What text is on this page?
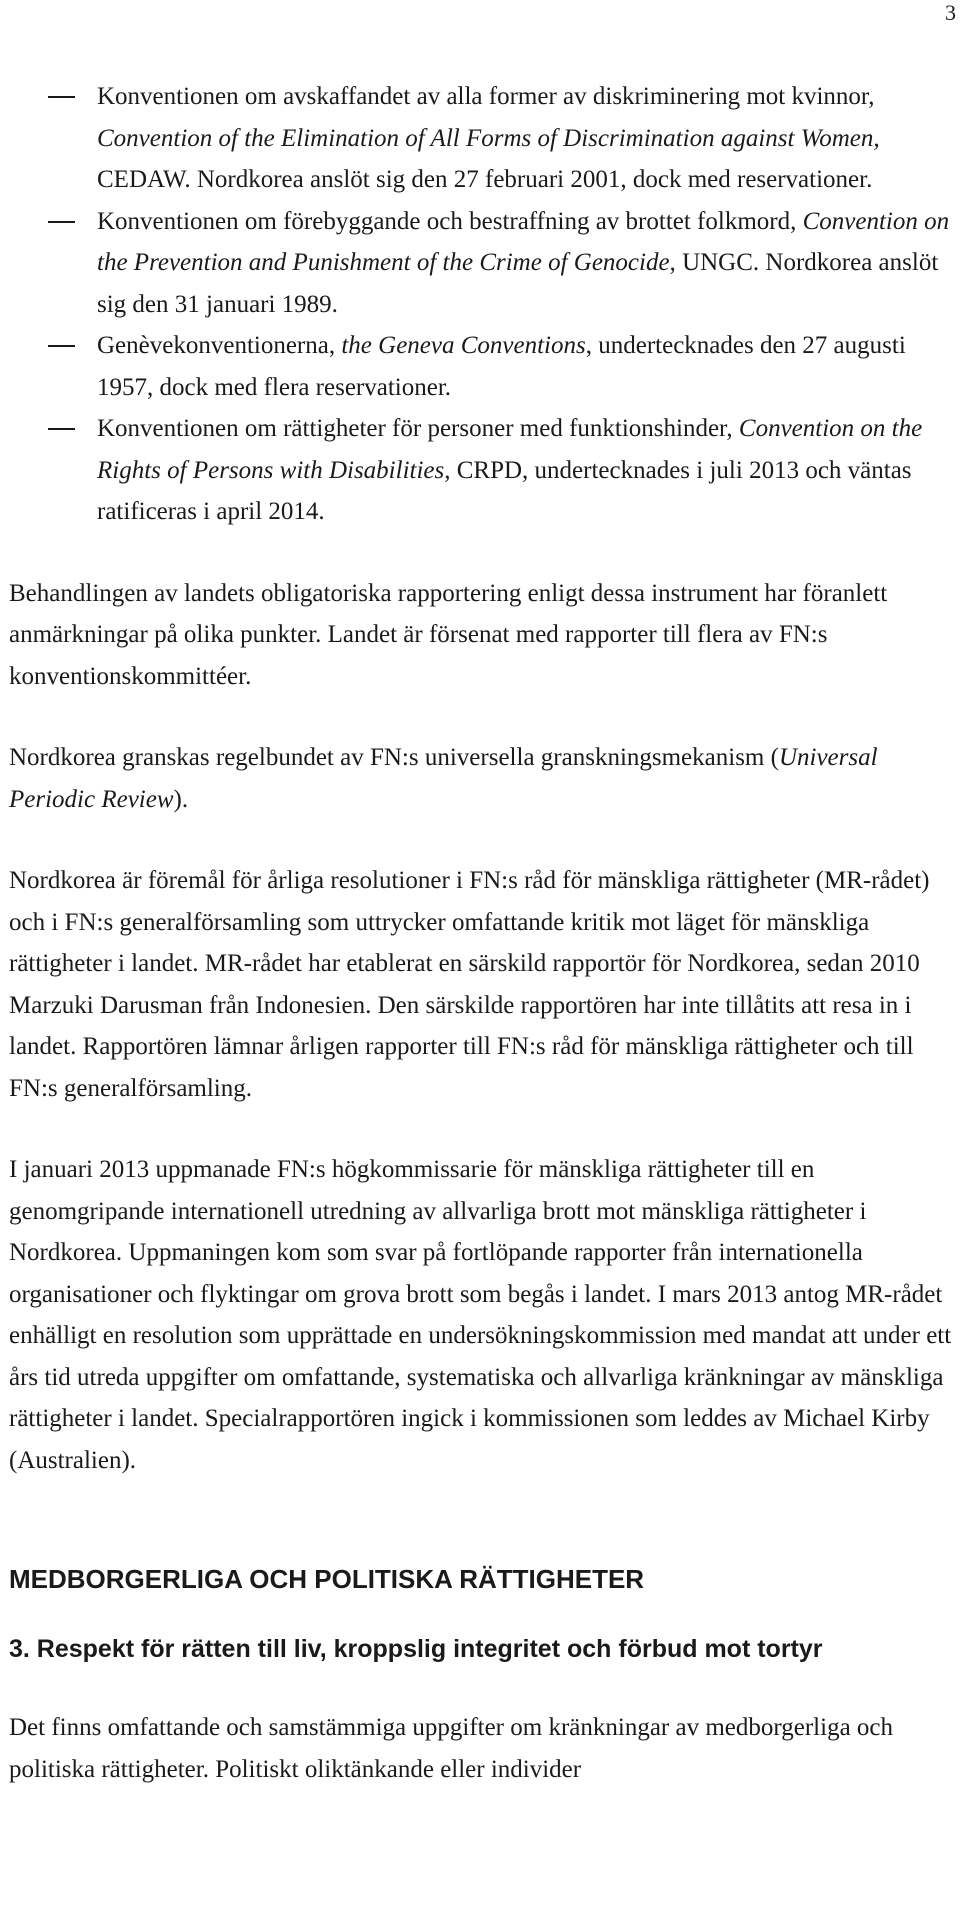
3
Konventionen om avskaffandet av alla former av diskriminering mot kvinnor, Convention of the Elimination of All Forms of Discrimination against Women, CEDAW. Nordkorea anslöt sig den 27 februari 2001, dock med reservationer.
Konventionen om förebyggande och bestraffning av brottet folkmord, Convention on the Prevention and Punishment of the Crime of Genocide, UNGC. Nordkorea anslöt sig den 31 januari 1989.
Genèvekonventionerna, the Geneva Conventions, undertecknades den 27 augusti 1957, dock med flera reservationer.
Konventionen om rättigheter för personer med funktionshinder, Convention on the Rights of Persons with Disabilities, CRPD, undertecknades i juli 2013 och väntas ratificeras i april 2014.

Behandlingen av landets obligatoriska rapportering enligt dessa instrument har föranlett anmärkningar på olika punkter. Landet är försenat med rapporter till flera av FN:s konventionskommittéer.

Nordkorea granskas regelbundet av FN:s universella granskningsmekanism (Universal Periodic Review).

Nordkorea är föremål för årliga resolutioner i FN:s råd för mänskliga rättigheter (MR-rådet) och i FN:s generalförsamling som uttrycker omfattande kritik mot läget för mänskliga rättigheter i landet. MR-rådet har etablerat en särskild rapportör för Nordkorea, sedan 2010 Marzuki Darusman från Indonesien. Den särskilde rapportören har inte tillåtits att resa in i landet. Rapportören lämnar årligen rapporter till FN:s råd för mänskliga rättigheter och till FN:s generalförsamling.

I januari 2013 uppmanade FN:s högkommissarie för mänskliga rättigheter till en genomgripande internationell utredning av allvarliga brott mot mänskliga rättigheter i Nordkorea. Uppmaningen kom som svar på fortlöpande rapporter från internationella organisationer och flyktingar om grova brott som begås i landet. I mars 2013 antog MR-rådet enhälligt en resolution som upprättade en undersökningskommission med mandat att under ett års tid utreda uppgifter om omfattande, systematiska och allvarliga kränkningar av mänskliga rättigheter i landet. Specialrapportören ingick i kommissionen som leddes av Michael Kirby (Australien).

MEDBORGERLIGA OCH POLITISKA RÄTTIGHETER
3. Respekt för rätten till liv, kroppslig integritet och förbud mot tortyr

Det finns omfattande och samstämmiga uppgifter om kränkningar av medborgerliga och politiska rättigheter. Politiskt oliktänkande eller individer
